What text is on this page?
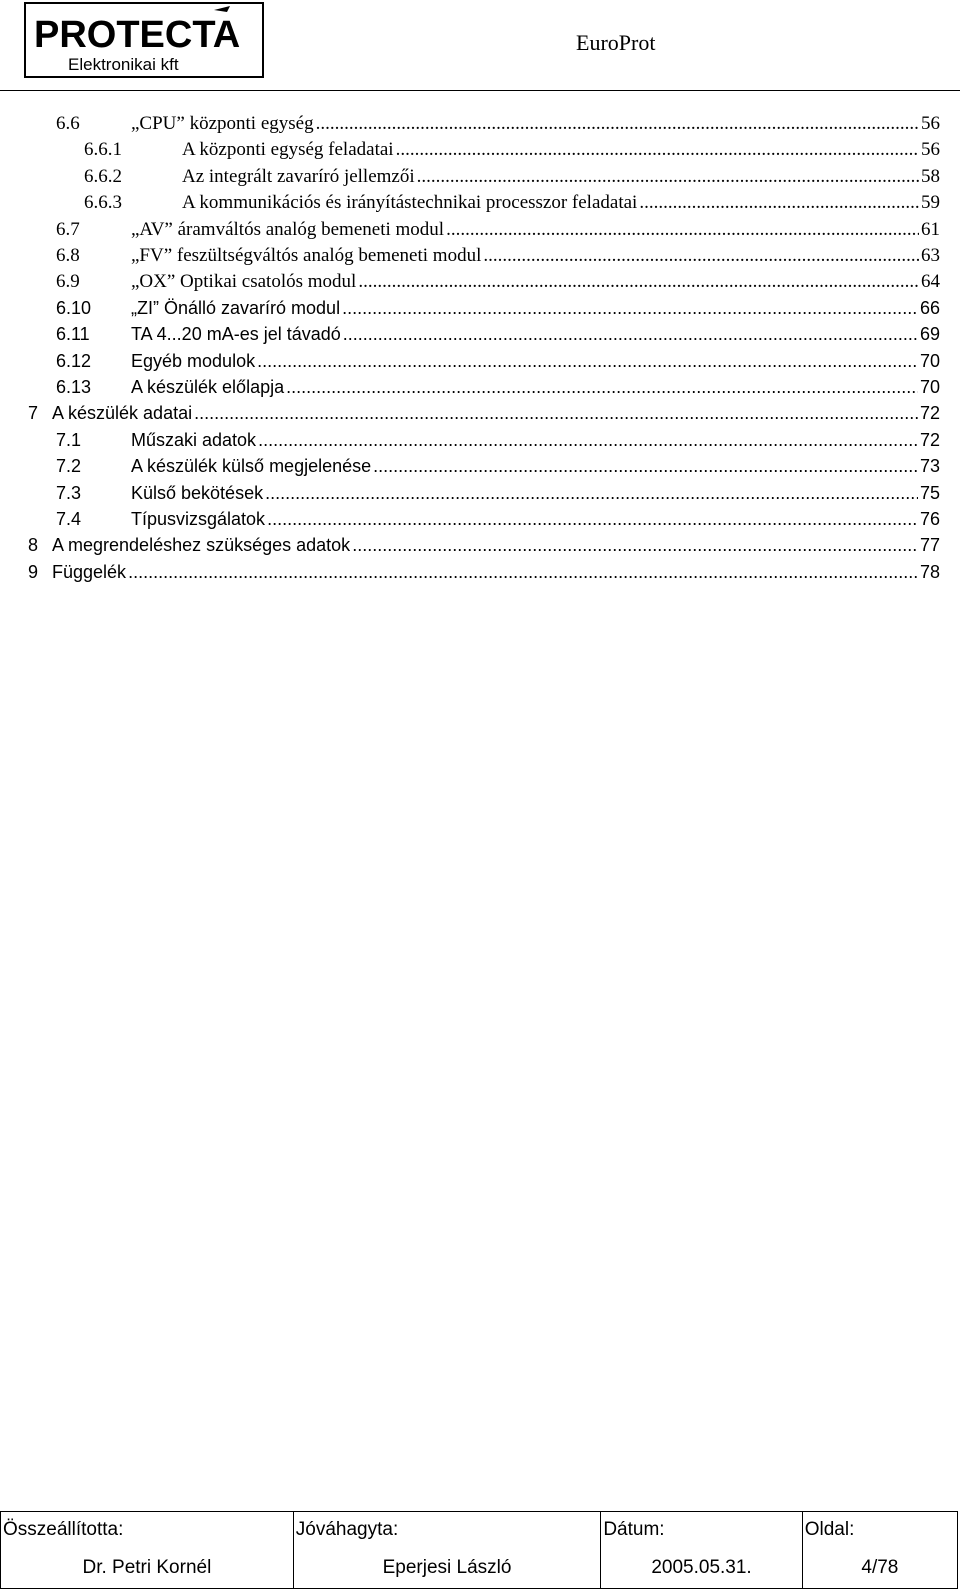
PROTECTA
Elektronikai kft
EuroProt
6.6	„CPU” központi egység .....	56
6.6.1	A központi egység feladatai .....	56
6.6.2	Az integrált zavaríró jellemzői .....	58
6.6.3	A kommunikációs és irányítástechnikai processzor feladatai .....	59
6.7	„AV” áramváltós analóg bemeneti modul .....	61
6.8	„FV” feszültségváltós analóg bemeneti modul .....	63
6.9	„OX” Optikai csatolós modul .....	64
6.10	„ZI” Önálló zavaríró modul .....	66
6.11	TA 4...20 mA-es jel távadó .....	69
6.12	Egyéb modulok .....	70
6.13	A készülék előlapja .....	70
7 A készülék adatai .....	72
7.1	Műszaki adatok .....	72
7.2	A készülék külső megjelenése .....	73
7.3	Külső bekötések .....	75
7.4	Típusvizsgálatok .....	76
8 A megrendeléshez szükséges adatok .....	77
9 Függelék .....	78
Összeállította:	Jóváhagyta:	Dátum:	Oldal:
Dr. Petri Kornél	Eperjesi László	2005.05.31.	4/78
